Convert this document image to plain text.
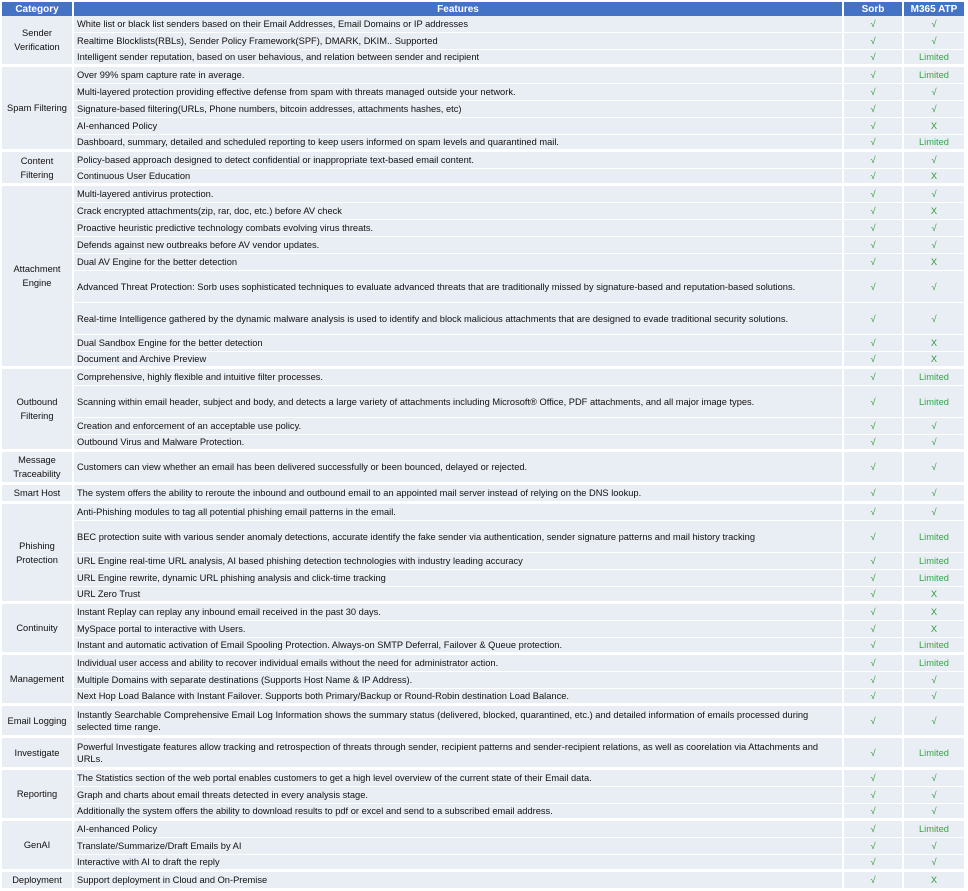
Category	Features	Sorb	M365 ATP
Sender Verification	White list or black list senders based on their Email Addresses, Email Domains or IP addresses	√	√
	Realtime Blocklists(RBLs), Sender Policy Framework(SPF), DMARK, DKIM.. Supported	√	√
	Intelligent sender reputation, based on user behavious, and relation between sender and recipient	√	Limited
Spam Filtering	Over 99% spam capture rate in average.	√	Limited
	Multi-layered protection providing effective defense from spam with threats managed outside your network.	√	√
	Signature-based filtering(URLs, Phone numbers, bitcoin addresses, attachments hashes, etc)	√	√
	AI-enhanced Policy	√	X
	Dashboard, summary, detailed and scheduled reporting to keep users informed on spam levels and quarantined mail.	√	Limited
Content Filtering	Policy-based approach designed to detect confidential or inappropriate text-based email content.	√	√
	Continuous User Education	√	X
Attachment Engine	Multi-layered antivirus protection.	√	√
	Crack encrypted attachments(zip, rar, doc, etc.) before AV check	√	X
	Proactive heuristic predictive technology combats evolving virus threats.	√	√
	Defends against new outbreaks before AV vendor updates.	√	√
	Dual AV Engine for the better detection	√	X
	Advanced Threat Protection: Sorb uses sophisticated techniques to evaluate advanced threats that are traditionally missed by signature-based and reputation-based solutions.	√	√
	Real-time Intelligence gathered by the dynamic malware analysis is used to identify and block malicious attachments that are designed to evade traditional security solutions.	√	√
	Dual Sandbox Engine for the better detection	√	X
	Document and Archive Preview	√	X
Outbound Filtering	Comprehensive, highly flexible and intuitive filter processes.	√	Limited
	Scanning within email header, subject and body, and detects a large variety of attachments including Microsoft® Office, PDF attachments, and all major image types.	√	Limited
	Creation and enforcement of an acceptable use policy.	√	√
	Outbound Virus and Malware Protection.	√	√
Message Traceability	Customers can view whether an email has been delivered successfully or been bounced, delayed or rejected.	√	√
Smart Host	The system offers the ability to reroute the inbound and outbound email to an appointed mail server instead of relying on the DNS lookup.	√	√
Phishing Protection	Anti-Phishing modules to tag all potential phishing email patterns in the email.	√	√
	BEC protection suite with various sender anomaly detections, accurate identify the fake sender via authentication, sender signature patterns and mail history tracking	√	Limited
	URL Engine real-time URL analysis, AI based phishing detection technologies with industry leading accuracy	√	Limited
	URL Engine rewrite, dynamic URL phishing analysis and click-time tracking	√	Limited
	URL Zero Trust	√	X
Continuity	Instant Replay can replay any inbound email received in the past 30 days.	√	X
	MySpace portal to interactive with Users.	√	X
	Instant and automatic activation of Email Spooling Protection. Always-on SMTP Deferral, Failover & Queue protection.	√	Limited
Management	Individual user access and ability to recover individual emails without the need for administrator action.	√	Limited
	Multiple Domains with separate destinations (Supports Host Name & IP Address).	√	√
	Next Hop Load Balance with Instant Failover. Supports both Primary/Backup or Round-Robin destination Load Balance.	√	√
Email Logging	Instantly Searchable Comprehensive Email Log Information shows the summary status (delivered, blocked, quarantined, etc.) and detailed information of emails processed during selected time range.	√	√
Investigate	Powerful Investigate features allow tracking and retrospection of threats through sender, recipient patterns and sender-recipient relations, as well as coorelation via Attachments and URLs.	√	Limited
Reporting	The Statistics section of the web portal enables customers to get a high level overview of the current state of their Email data.	√	√
	Graph and charts about email threats detected in every analysis stage.	√	√
	Additionally the system offers the ability to download results to pdf or excel and send to a subscribed email address.	√	√
GenAI	AI-enhanced Policy	√	Limited
	Translate/Summarize/Draft Emails by AI	√	√
	Interactive with AI to draft the reply	√	√
Deployment	Support deployment in Cloud and On-Premise	√	X
